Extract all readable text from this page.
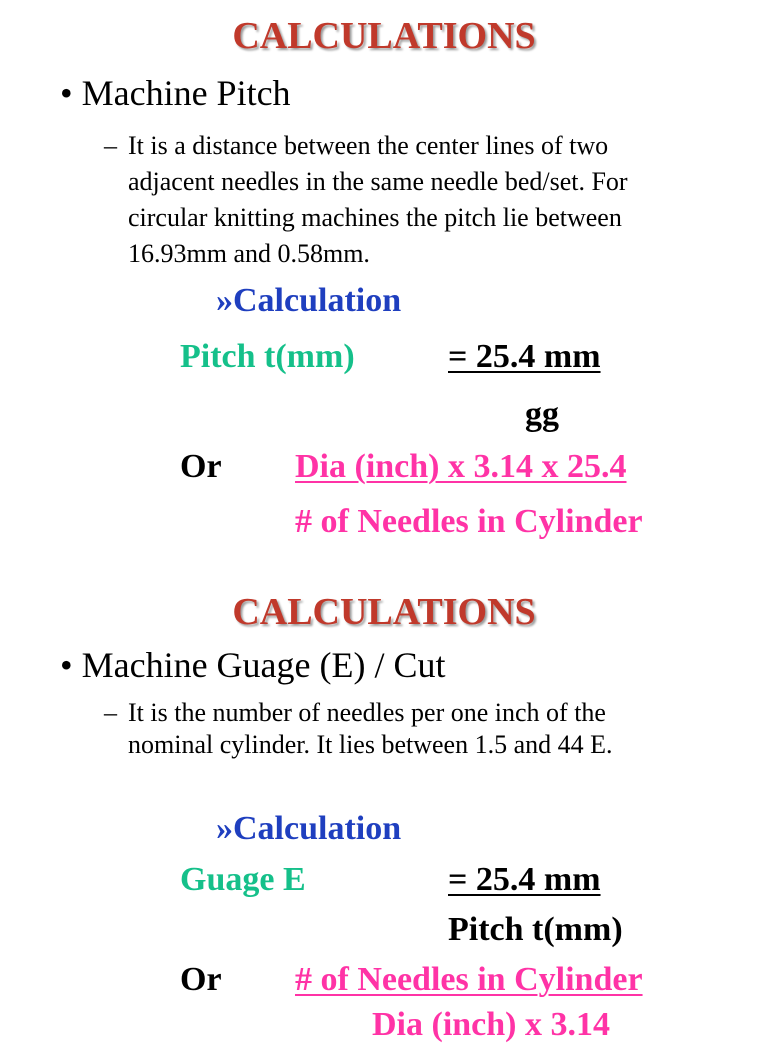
CALCULATIONS
• Machine Pitch
– It is a distance between the center lines of two
adjacent needles in the same needle bed/set. For
circular knitting machines the pitch lie between
16.93mm and 0.58mm.
»Calculation
Pitch t(mm)	= 25.4 mm
gg
Or Dia (inch) x 3.14 x 25.4
# of Needles in Cylinder
CALCULATIONS
• Machine Guage (E) / Cut
– It is the number of needles per one inch of the
nominal cylinder. It lies between 1.5 and 44 E.
»Calculation
Guage E	= 25.4 mm
Pitch t(mm)
Or # of Needles in Cylinder
Dia (inch) x 3.14
